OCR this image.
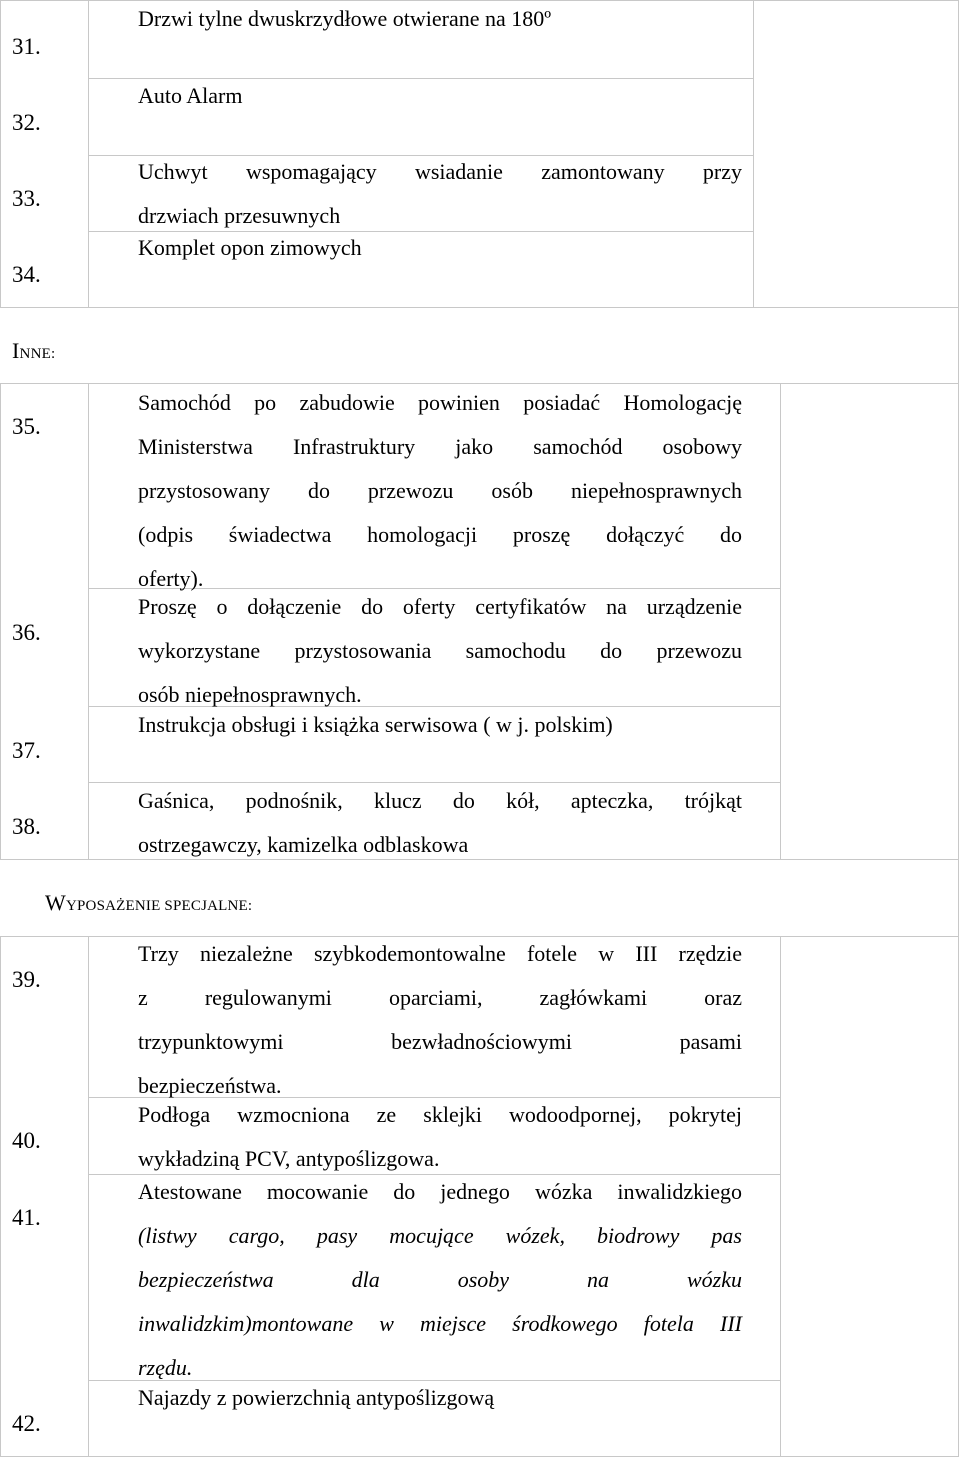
31.
Drzwi tylne dwuskrzydłowe otwierane na 180º
32.
Auto Alarm
33.
Uchwyt wspomagający wsiadanie zamontowany przy
drzwiach przesuwnych
34.
Komplet opon zimowych
INNE:
35.
Samochód po zabudowie powinien posiadać Homologację
Ministerstwa Infrastruktury jako samochód osobowy
przystosowany do przewozu osób niepełnosprawnych
(odpis świadectwa homologacji proszę dołączyć do
oferty).
36.
Proszę o dołączenie do oferty certyfikatów na urządzenie
wykorzystane przystosowania samochodu do przewozu
osób niepełnosprawnych.
37.
Instrukcja obsługi i książka serwisowa ( w j. polskim)
38.
Gaśnica, podnośnik, klucz do kół, apteczka, trójkąt
ostrzegawczy, kamizelka odblaskowa
WYPOSAŻENIE SPECJALNE:
39.
Trzy niezależne szybkodemontowalne fotele w III rzędzie
z regulowanymi oparciami, zagłówkami oraz
trzypunktowymi bezwładnościowymi pasami
bezpieczeństwa.
40.
Podłoga wzmocniona ze sklejki wodoodpornej, pokrytej
wykładziną PCV, antypoślizgowa.
41.
Atestowane mocowanie do jednego wózka inwalidzkiego
(listwy cargo, pasy mocujące wózek, biodrowy pas
bezpieczeństwa dla osoby na wózku
inwalidzkim)montowane w miejsce środkowego fotela III
rzędu.
42.
Najazdy z powierzchnią antypoślizgową
